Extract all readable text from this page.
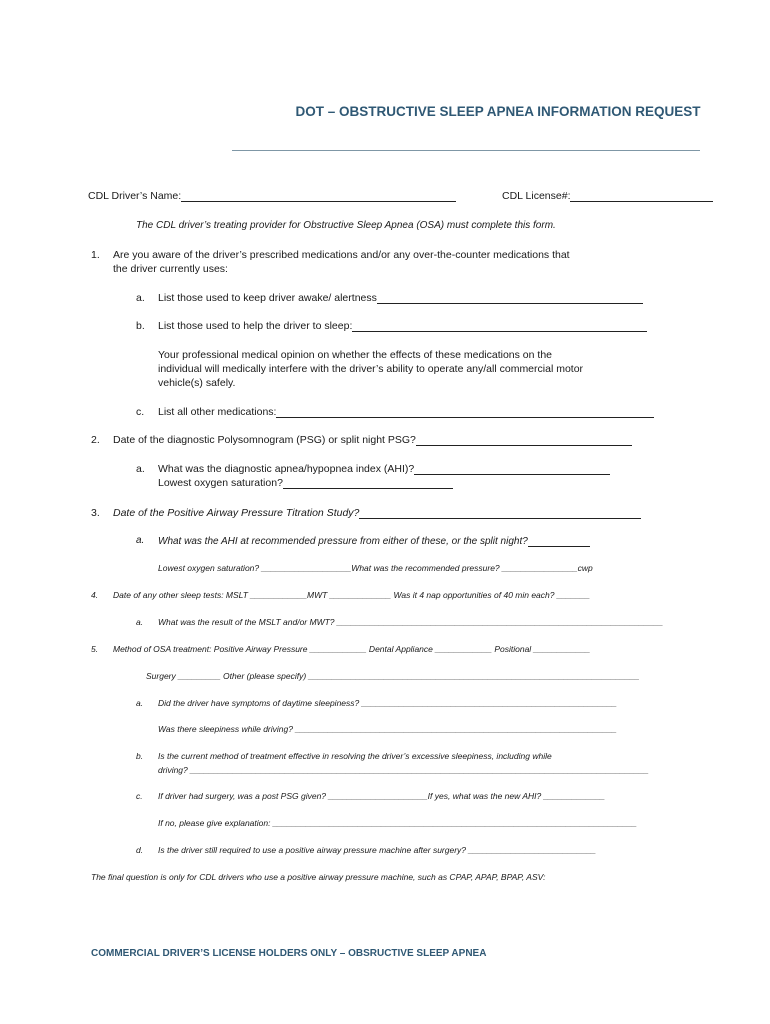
DOT – OBSTRUCTIVE SLEEP APNEA INFORMATION REQUEST
CDL Driver’s Name:	CDL License#:
The CDL driver’s treating provider for Obstructive Sleep Apnea (OSA) must complete this form.
1. Are you aware of the driver’s prescribed medications and/or any over-the-counter medications that
the driver currently uses:
a. List those used to keep driver awake/ alertness
b. List those used to help the driver to sleep:
Your professional medical opinion on whether the effects of these medications on the
individual will medically interfere with the driver’s ability to operate any/all commercial motor
vehicle(s) safely.
c. List all other medications:
2. Date of the diagnostic Polysomnogram (PSG) or split night PSG?
a. What was the diagnostic apnea/hypopnea index (AHI)?
Lowest oxygen saturation?
3. Date of the Positive Airway Pressure Titration Study?
a. What was the AHI at recommended pressure from either of these, or the split night?
Lowest oxygen saturation? ___________________What was the recommended pressure? ________________cwp
4. Date of any other sleep tests: MSLT ____________MWT _____________ Was it 4 nap opportunities of 40 min each? _______
a. What was the result of the MSLT and/or MWT? _____________________________________________________________________
5. Method of OSA treatment: Positive Airway Pressure ____________ Dental Appliance ____________ Positional ____________
Surgery _________ Other (please specify) ______________________________________________________________________
a. Did the driver have symptoms of daytime sleepiness? ______________________________________________________
Was there sleepiness while driving? ____________________________________________________________________
b. Is the current method of treatment effective in resolving the driver’s excessive sleepiness, including while
driving? _________________________________________________________________________________________________
c. If driver had surgery, was a post PSG given? _____________________If yes, what was the new AHI? _____________
If no, please give explanation: _____________________________________________________________________________
d. Is the driver still required to use a positive airway pressure machine after surgery? ___________________________
The final question is only for CDL drivers who use a positive airway pressure machine, such as CPAP, APAP, BPAP, ASV:
COMMERCIAL DRIVER’S LICENSE HOLDERS ONLY – OBSRUCTIVE SLEEP APNEA
